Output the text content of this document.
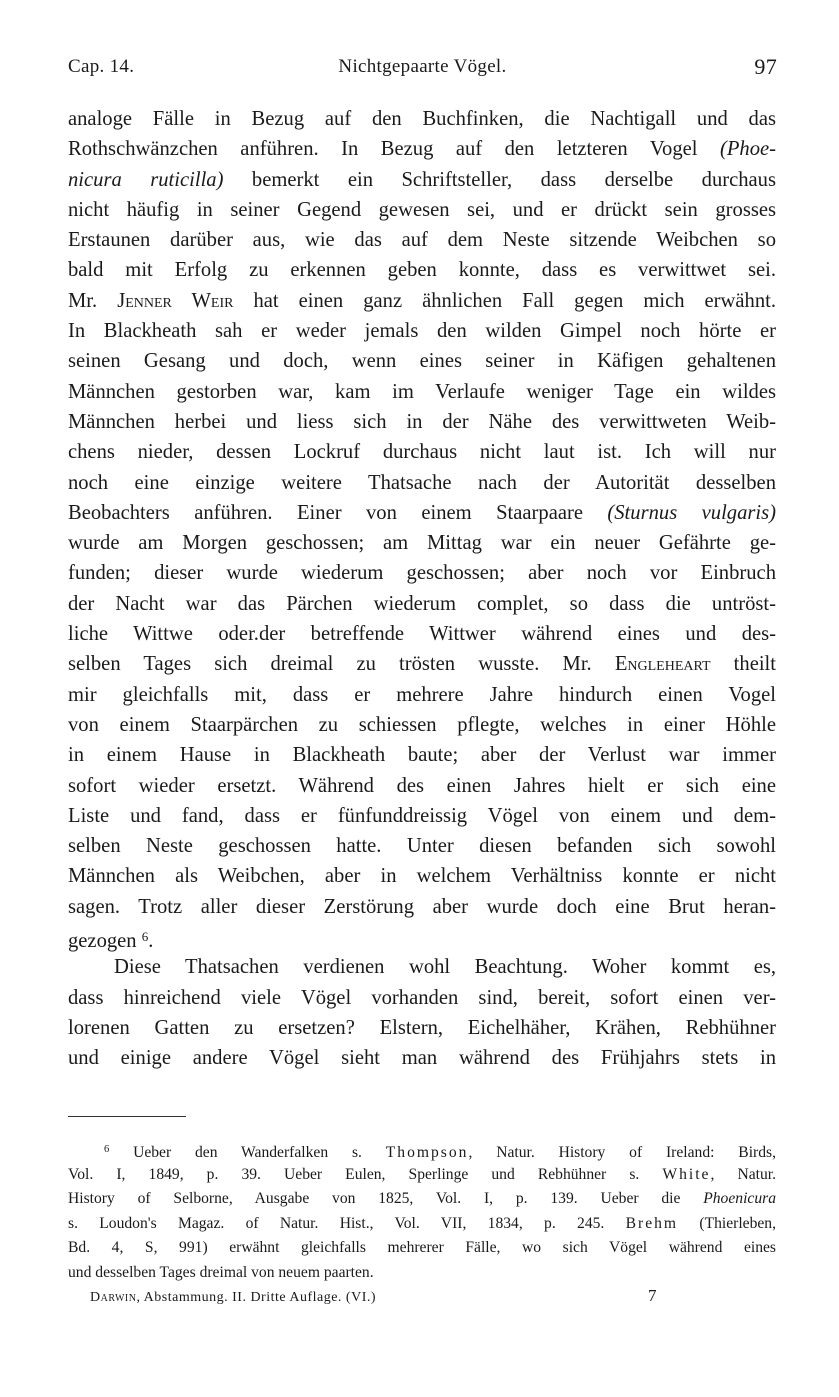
Cap. 14.	Nichtgepaarte Vögel.	97
analoge Fälle in Bezug auf den Buchfinken, die Nachtigall und das
Rothschwänzchen anführen. In Bezug auf den letzteren Vogel (Phoe-
nicura ruticilla) bemerkt ein Schriftsteller, dass derselbe durchaus
nicht häufig in seiner Gegend gewesen sei, und er drückt sein grosses
Erstaunen darüber aus, wie das auf dem Neste sitzende Weibchen so
bald mit Erfolg zu erkennen geben konnte, dass es verwittwet sei.
Mr. Jenner Weir hat einen ganz ähnlichen Fall gegen mich erwähnt.
In Blackheath sah er weder jemals den wilden Gimpel noch hörte er
seinen Gesang und doch, wenn eines seiner in Käfigen gehaltenen
Männchen gestorben war, kam im Verlaufe weniger Tage ein wildes
Männchen herbei und liess sich in der Nähe des verwittweten Weib-
chens nieder, dessen Lockruf durchaus nicht laut ist. Ich will nur
noch eine einzige weitere Thatsache nach der Autorität desselben
Beobachters anführen. Einer von einem Staarpaare (Sturnus vulgaris)
wurde am Morgen geschossen; am Mittag war ein neuer Gefährte ge-
funden; dieser wurde wiederum geschossen; aber noch vor Einbruch
der Nacht war das Pärchen wiederum complet, so dass die untröst-
liche Wittwe oder.der betreffende Wittwer während eines und des-
selben Tages sich dreimal zu trösten wusste. Mr. Engleheart theilt
mir gleichfalls mit, dass er mehrere Jahre hindurch einen Vogel
von einem Staarpärchen zu schiessen pflegte, welches in einer Höhle
in einem Hause in Blackheath baute; aber der Verlust war immer
sofort wieder ersetzt. Während des einen Jahres hielt er sich eine
Liste und fand, dass er fünfunddreissig Vögel von einem und dem-
selben Neste geschossen hatte. Unter diesen befanden sich sowohl
Männchen als Weibchen, aber in welchem Verhältniss konnte er nicht
sagen. Trotz aller dieser Zerstörung aber wurde doch eine Brut heran-
gezogen $^6$.
Diese Thatsachen verdienen wohl Beachtung. Woher kommt es,
dass hinreichend viele Vögel vorhanden sind, bereit, sofort einen ver-
lorenen Gatten zu ersetzen? Elstern, Eichelhäher, Krähen, Rebhühner
und einige andere Vögel sieht man während des Frühjahrs stets in
$^6$ Ueber den Wanderfalken s. Thompson, Natur. History of Ireland: Birds,
Vol. I, 1849, p. 39. Ueber Eulen, Sperlinge und Rebhühner s. White, Natur.
History of Selborne, Ausgabe von 1825, Vol. I, p. 139. Ueber die Phoenicura
s. Loudon's Magaz. of Natur. Hist., Vol. VII, 1834, p. 245. Brehm (Thierleben,
Bd. 4, S, 991) erwähnt gleichfalls mehrerer Fälle, wo sich Vögel während eines
und desselben Tages dreimal von neuem paarten.
Darwin, Abstammung. II. Dritte Auflage. (VI.)	7
